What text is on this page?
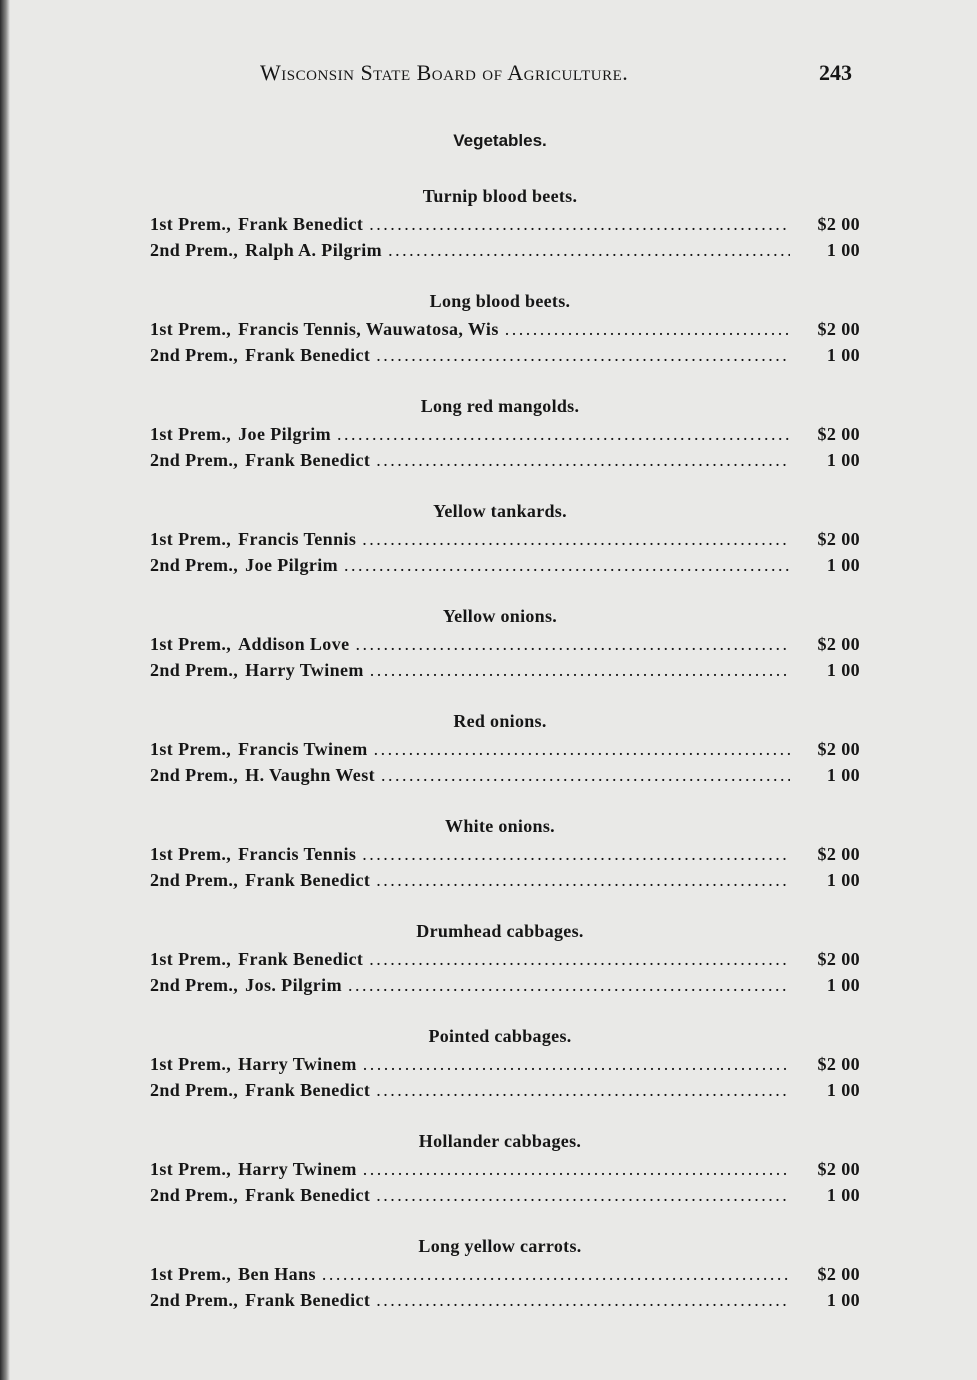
Wisconsin State Board of Agriculture.	243
Vegetables.
Turnip blood beets.
1st Prem., Frank Benedict . . .	$2 00
2nd Prem., Ralph A. Pilgrim . . .	1 00
Long blood beets.
1st Prem., Francis Tennis, Wauwatosa, Wis . . .	$2 00
2nd Prem., Frank Benedict . . .	1 00
Long red mangolds.
1st Prem., Joe Pilgrim . . .	$2 00
2nd Prem., Frank Benedict . . .	1 00
Yellow tankards.
1st Prem., Francis Tennis . . .	$2 00
2nd Prem., Joe Pilgrim . . .	1 00
Yellow onions.
1st Prem., Addison Love . . .	$2 00
2nd Prem., Harry Twinem . . .	1 00
Red onions.
1st Prem., Francis Twinem . . .	$2 00
2nd Prem., H. Vaughn West . . .	1 00
White onions.
1st Prem., Francis Tennis . . .	$2 00
2nd Prem., Frank Benedict . . .	1 00
Drumhead cabbages.
1st Prem., Frank Benedict . . .	$2 00
2nd Prem., Jos. Pilgrim . . .	1 00
Pointed cabbages.
1st Prem., Harry Twinem . . .	$2 00
2nd Prem., Frank Benedict . . .	1 00
Hollander cabbages.
1st Prem., Harry Twinem . . .	$2 00
2nd Prem., Frank Benedict . . .	1 00
Long yellow carrots.
1st Prem., Ben Hans . . .	$2 00
2nd Prem., Frank Benedict . . .	1 00
